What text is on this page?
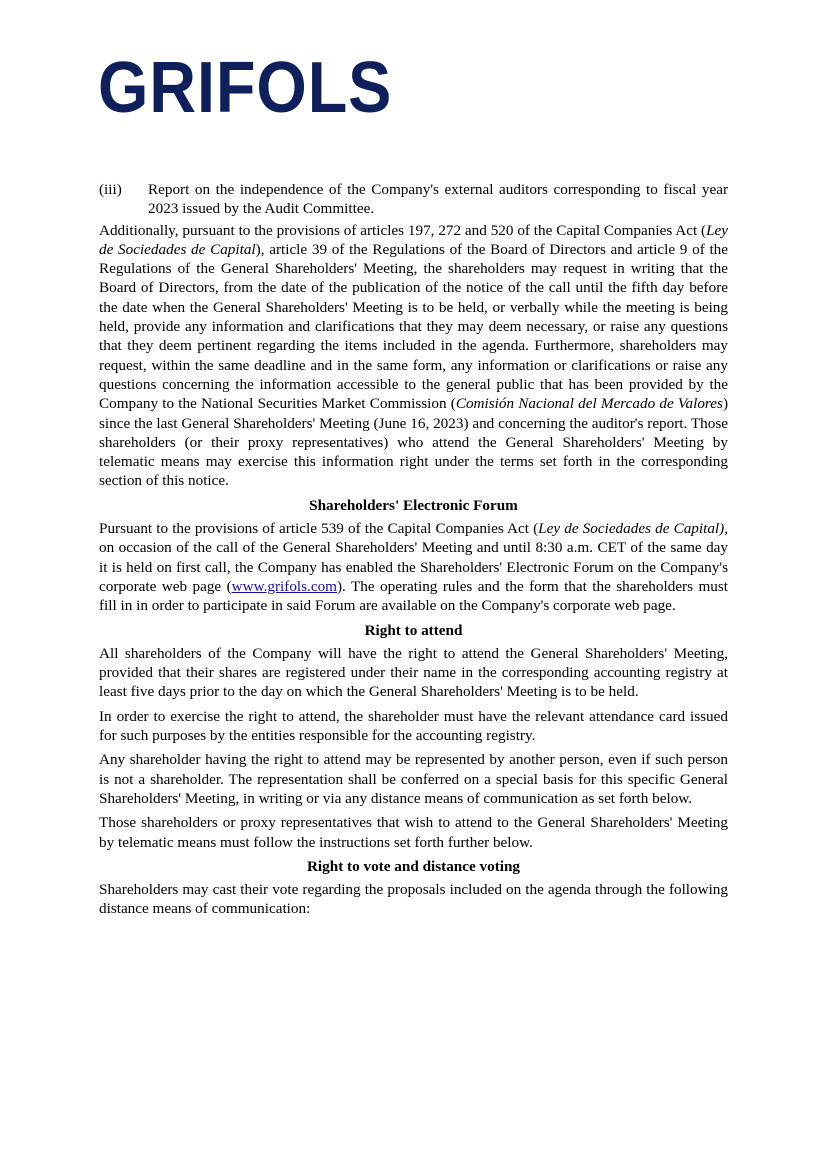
GRIFOLS
(iii)	Report on the independence of the Company's external auditors corresponding to fiscal year 2023 issued by the Audit Committee.

Additionally, pursuant to the provisions of articles 197, 272 and 520 of the Capital Companies Act (Ley de Sociedades de Capital), article 39 of the Regulations of the Board of Directors and article 9 of the Regulations of the General Shareholders' Meeting, the shareholders may request in writing that the Board of Directors, from the date of the publication of the notice of the call until the fifth day before the date when the General Shareholders' Meeting is to be held, or verbally while the meeting is being held, provide any information and clarifications that they may deem necessary, or raise any questions that they deem pertinent regarding the items included in the agenda. Furthermore, shareholders may request, within the same deadline and in the same form, any information or clarifications or raise any questions concerning the information accessible to the general public that has been provided by the Company to the National Securities Market Commission (Comisión Nacional del Mercado de Valores) since the last General Shareholders' Meeting (June 16, 2023) and concerning the auditor's report. Those shareholders (or their proxy representatives) who attend the General Shareholders' Meeting by telematic means may exercise this information right under the terms set forth in the corresponding section of this notice.

Shareholders' Electronic Forum

Pursuant to the provisions of article 539 of the Capital Companies Act (Ley de Sociedades de Capital), on occasion of the call of the General Shareholders' Meeting and until 8:30 a.m. CET of the same day it is held on first call, the Company has enabled the Shareholders' Electronic Forum on the Company's corporate web page (www.grifols.com). The operating rules and the form that the shareholders must fill in in order to participate in said Forum are available on the Company's corporate web page.

Right to attend

All shareholders of the Company will have the right to attend the General Shareholders' Meeting, provided that their shares are registered under their name in the corresponding accounting registry at least five days prior to the day on which the General Shareholders' Meeting is to be held.

In order to exercise the right to attend, the shareholder must have the relevant attendance card issued for such purposes by the entities responsible for the accounting registry.

Any shareholder having the right to attend may be represented by another person, even if such person is not a shareholder. The representation shall be conferred on a special basis for this specific General Shareholders' Meeting, in writing or via any distance means of communication as set forth below.

Those shareholders or proxy representatives that wish to attend to the General Shareholders' Meeting by telematic means must follow the instructions set forth further below.

Right to vote and distance voting

Shareholders may cast their vote regarding the proposals included on the agenda through the following distance means of communication:
